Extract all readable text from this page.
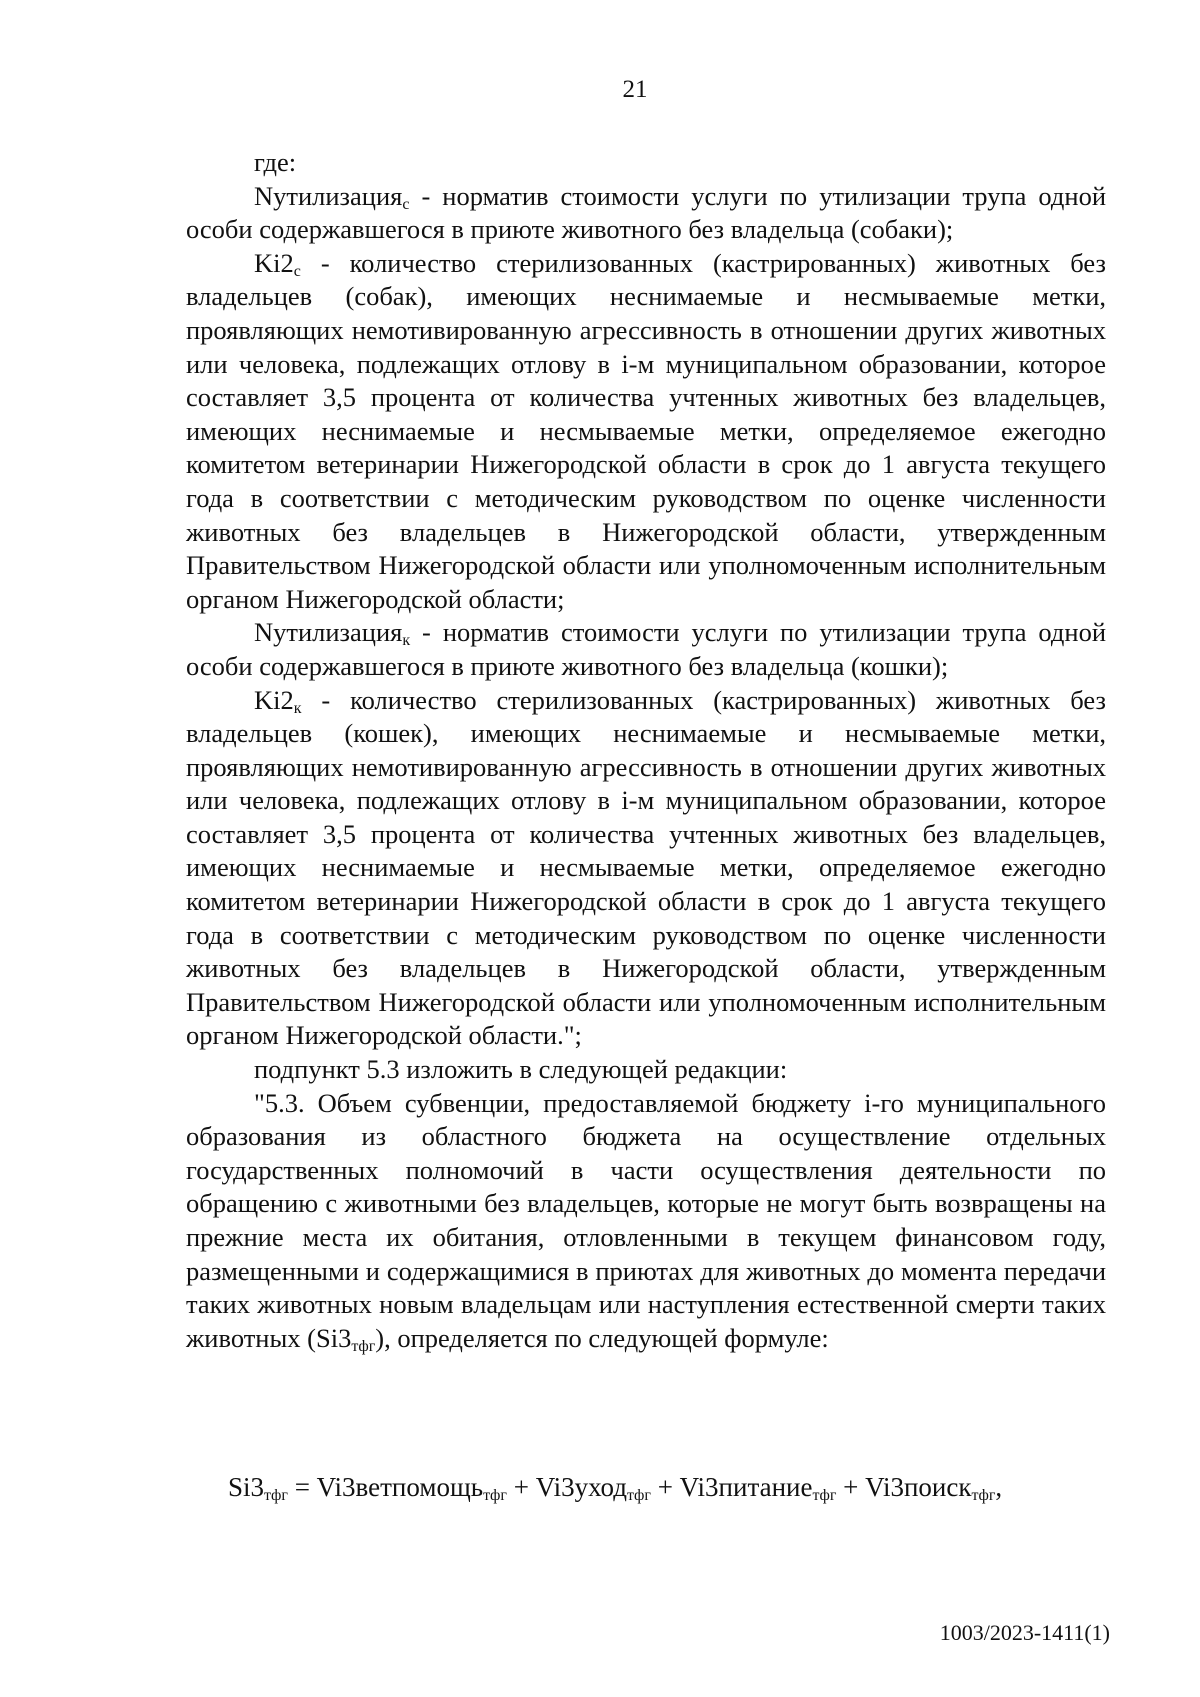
21

где:

Nутилизация$_с$ - норматив стоимости услуги по утилизации трупа одной особи содержавшегося в приюте животного без владельца (собаки);

$Ki2_с$ - количество стерилизованных (кастрированных) животных без владельцев (собак), имеющих неснимаемые и несмываемые метки, проявляющих немотивированную агрессивность в отношении других животных или человека, подлежащих отлову в i-м муниципальном образовании, которое составляет 3,5 процента от количества учтенных животных без владельцев, имеющих неснимаемые и несмываемые метки, определяемое ежегодно комитетом ветеринарии Нижегородской области в срок до 1 августа текущего года в соответствии с методическим руководством по оценке численности животных без владельцев в Нижегородской области, утвержденным Правительством Нижегородской области или уполномоченным исполнительным органом Нижегородской области;

Nутилизация$_к$ - норматив стоимости услуги по утилизации трупа одной особи содержавшегося в приюте животного без владельца (кошки);

$Ki2_к$ - количество стерилизованных (кастрированных) животных без владельцев (кошек), имеющих неснимаемые и несмываемые метки, проявляющих немотивированную агрессивность в отношении других животных или человека, подлежащих отлову в i-м муниципальном образовании, которое составляет 3,5 процента от количества учтенных животных без владельцев, имеющих неснимаемые и несмываемые метки, определяемое ежегодно комитетом ветеринарии Нижегородской области в срок до 1 августа текущего года в соответствии с методическим руководством по оценке численности животных без владельцев в Нижегородской области, утвержденным Правительством Нижегородской области или уполномоченным исполнительным органом Нижегородской области.";

подпункт 5.3 изложить в следующей редакции:

"5.3. Объем субвенции, предоставляемой бюджету i-го муниципального образования из областного бюджета на осуществление отдельных государственных полномочий в части осуществления деятельности по обращению с животными без владельцев, которые не могут быть возвращены на прежние места их обитания, отловленными в текущем финансовом году, размещенными и содержащимися в приютах для животных до момента передачи таких животных новым владельцам или наступления естественной смерти таких животных $(Si3_{тфг})$, определяется по следующей формуле:

$Si3_{тфг}$ = Vi3ветпомощь$_{тфг}$ + Vi3уход$_{тфг}$ + Vi3питание$_{тфг}$ + Vi3поиск$_{тфг}$,
1003/2023-1411(1)
